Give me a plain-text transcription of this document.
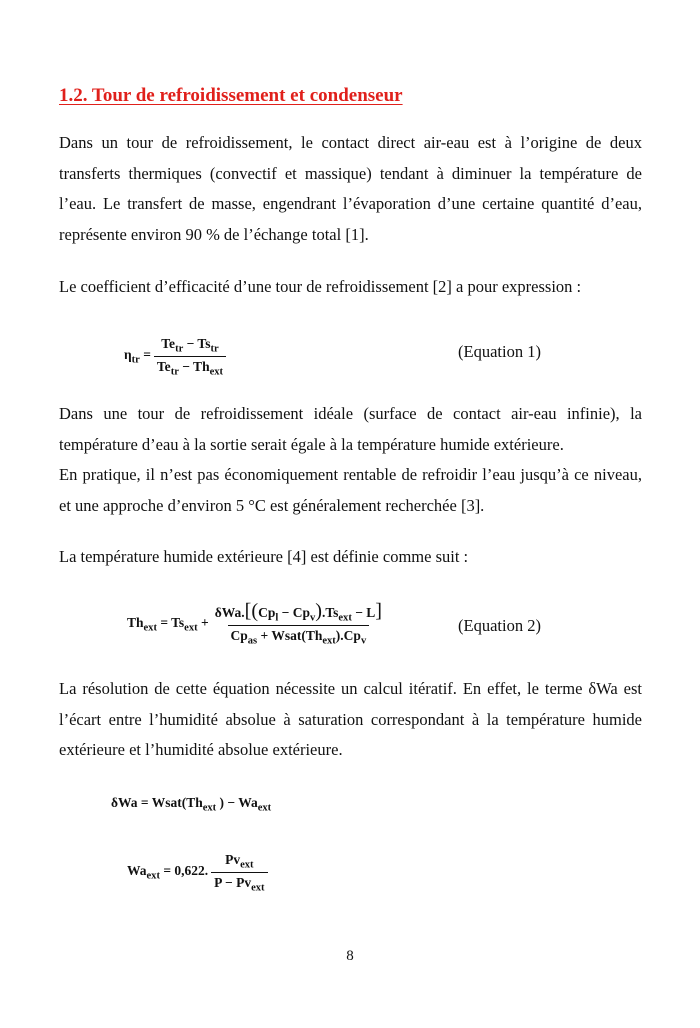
1.2. Tour de refroidissement et condenseur

Dans un tour de refroidissement, le contact direct air-eau est à l’origine de deux transferts thermiques (convectif et massique) tendant à diminuer la température de l’eau. Le transfert de masse, engendrant l’évaporation d’une certaine quantité d’eau, représente environ 90 % de l’échange total [1].

Le coefficient d’efficacité d’une tour de refroidissement [2] a pour expression :

$\eta_{tr} = \frac{Te_{tr} - Ts_{tr}}{Te_{tr} - Th_{ext}}$	(Equation 1)

Dans une tour de refroidissement idéale (surface de contact air-eau infinie), la température d’eau à la sortie serait égale à la température humide extérieure.

En pratique, il n’est pas économiquement rentable de refroidir l’eau jusqu’à ce niveau, et une approche d’environ 5 °C est généralement recherchée [3].

La température humide extérieure [4] est définie comme suit :

$Th_{ext} = Ts_{ext} + \frac{\delta Wa.[(Cp_l - Cp_v).Ts_{ext} - L]}{Cp_{as} + Wsat(Th_{ext}).Cp_v}$	(Equation 2)

La résolution de cette équation nécessite un calcul itératif. En effet, le terme δWa est l’écart entre l’humidité absolue à saturation correspondant à la température humide extérieure et l’humidité absolue extérieure.

$\delta Wa = Wsat(Th_{ext}$ ) − $Wa_{ext}$
$Wa_{ext} = 0,622$. $\frac{Pv_{ext}}{P - Pv_{ext}}$
8
